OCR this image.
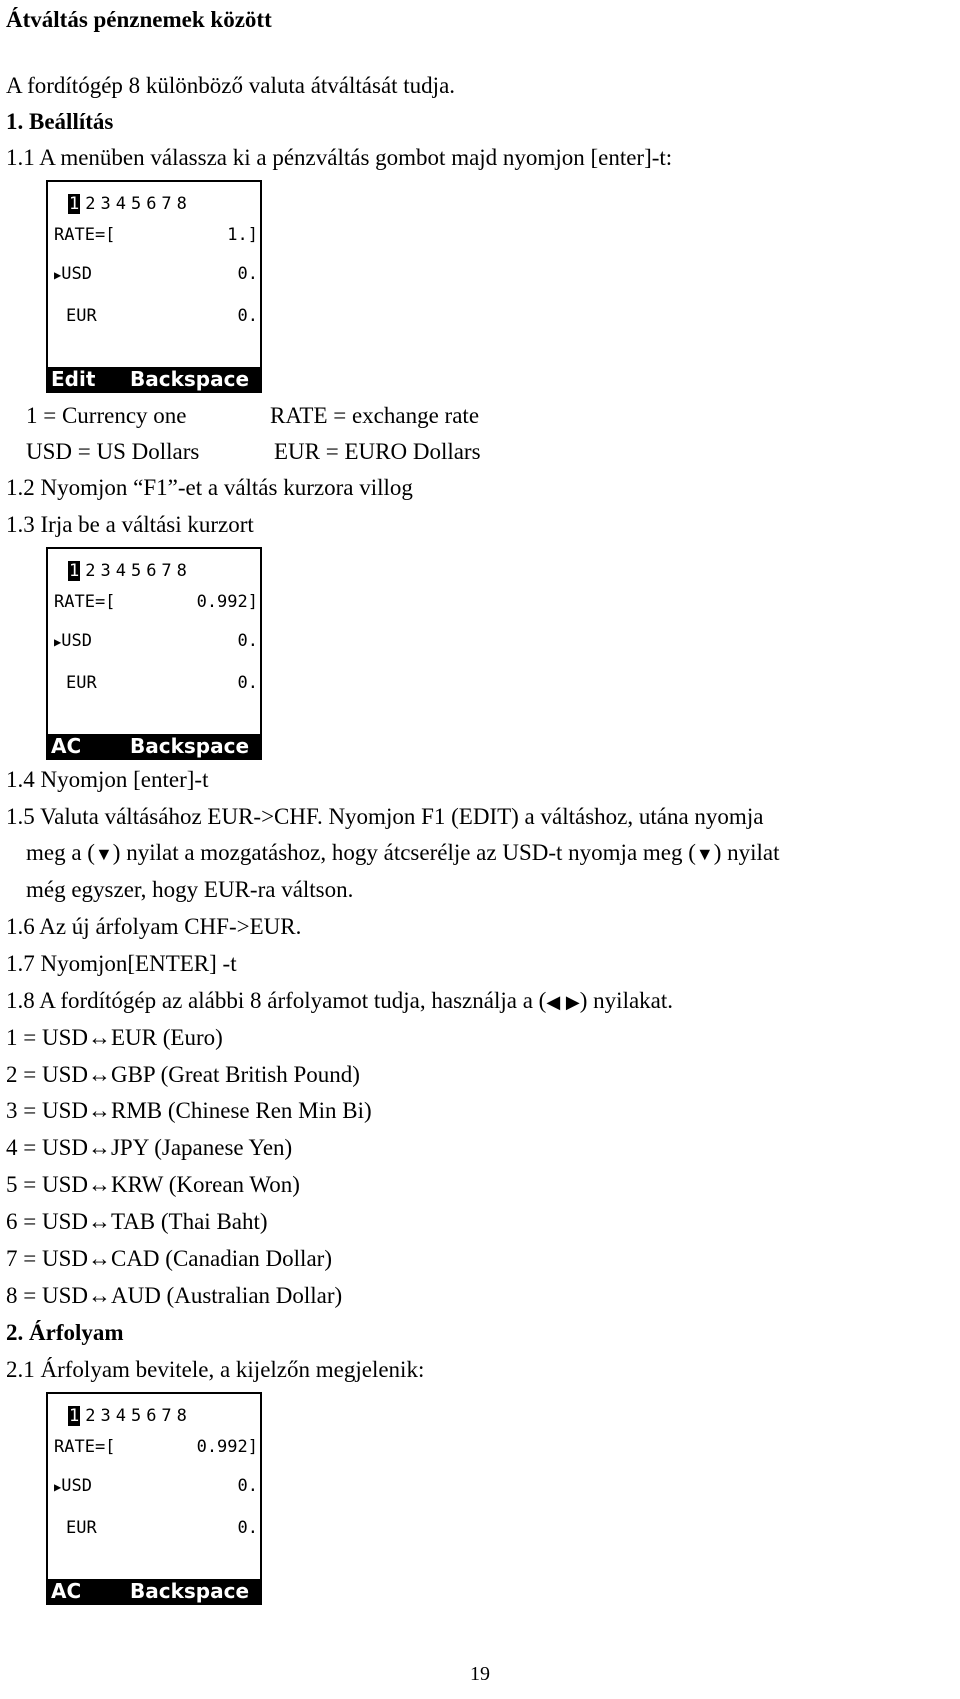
Átváltás pénznemek között
A fordítógép 8 különböző valuta átváltását tudja.
1. Beállítás
1.1 A menüben válassza ki a pénzváltás gombot majd nyomjon [enter]-t:
1 2345678
RATE=[	1.]
▶USD	0.
EUR	0.
Edit Backspace
1 = Currency one	RATE = exchange rate
USD = US Dollars	EUR = EURO Dollars
1.2 Nyomjon “F1”-et a váltás kurzora villog
1.3 Irja be a váltási kurzort
1 2345678
RATE=[	0.992]
▶USD	0.
EUR	0.
AC Backspace
1.4 Nyomjon [enter]-t
1.5 Valuta váltásához EUR->CHF. Nyomjon F1 (EDIT) a váltáshoz, utána nyomja
meg a (▼) nyilat a mozgatáshoz, hogy átcserélje az USD-t nyomja meg (▼) nyilat
még egyszer, hogy EUR-ra váltson.
1.6 Az új árfolyam CHF->EUR.
1.7 Nyomjon[ENTER] -t
1.8 A fordítógép az alábbi 8 árfolyamot tudja, használja a (◀ ▶) nyilakat.
1 = USD↔EUR (Euro)
2 = USD↔GBP (Great British Pound)
3 = USD↔RMB (Chinese Ren Min Bi)
4 = USD↔JPY (Japanese Yen)
5 = USD↔KRW (Korean Won)
6 = USD↔TAB (Thai Baht)
7 = USD↔CAD (Canadian Dollar)
8 = USD↔AUD (Australian Dollar)
2. Árfolyam
2.1 Árfolyam bevitele, a kijelzőn megjelenik:
1 2345678
RATE=[	0.992]
▶USD	0.
EUR	0.
AC Backspace
19
